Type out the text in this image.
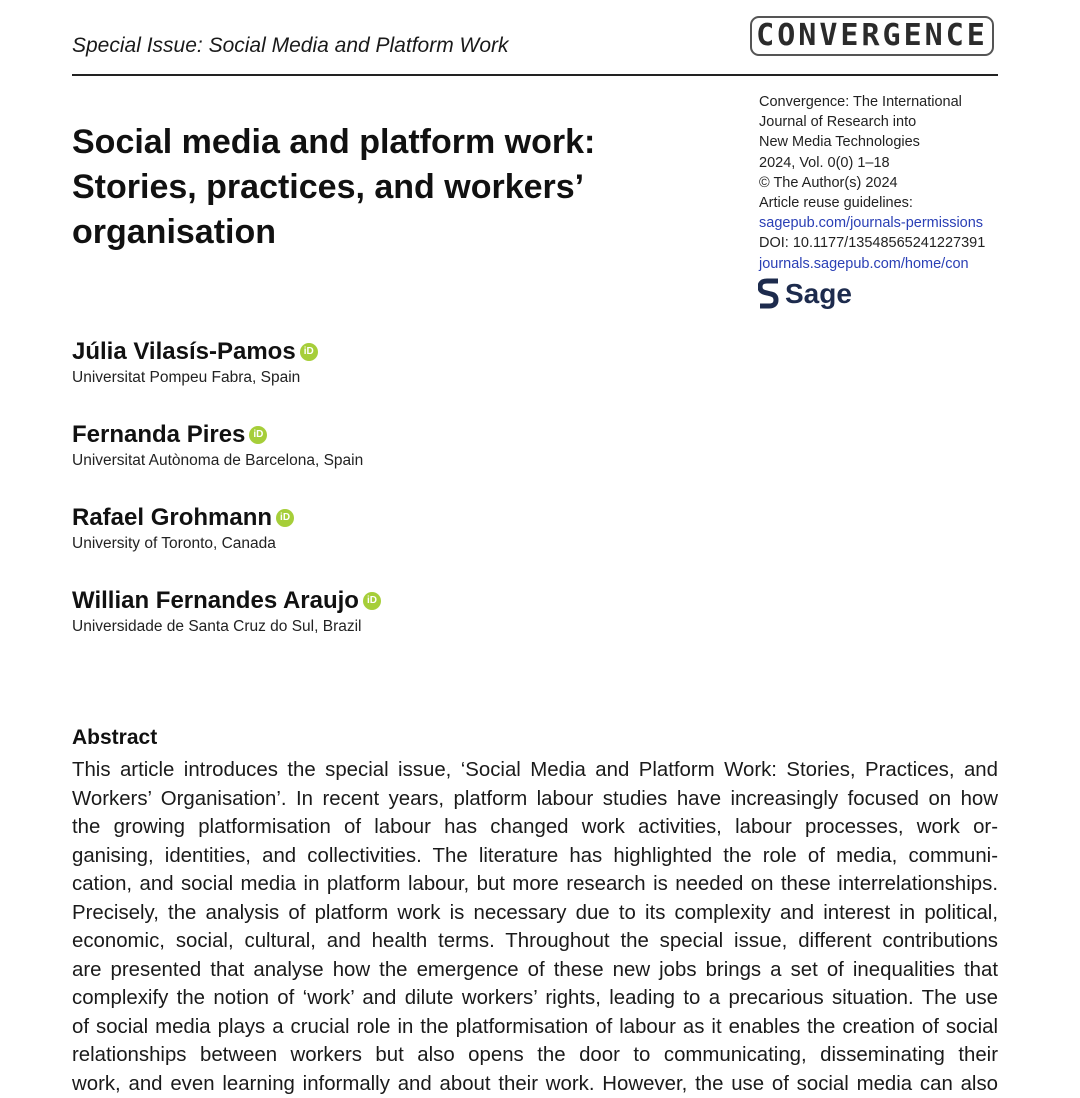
Special Issue: Social Media and Platform Work	CONVERGENCE
Social media and platform work:
Stories, practices, and workers’
organisation
Convergence: The International
Journal of Research into
New Media Technologies
2024, Vol. 0(0) 1–18
© The Author(s) 2024
Article reuse guidelines:
sagepub.com/journals-permissions
DOI: 10.1177/13548565241227391
journals.sagepub.com/home/con
Sage
Júlia Vilasís-Pamos iD
Universitat Pompeu Fabra, Spain
Fernanda Pires iD
Universitat Autònoma de Barcelona, Spain
Rafael Grohmann iD
University of Toronto, Canada
Willian Fernandes Araujo iD
Universidade de Santa Cruz do Sul, Brazil
Abstract
This article introduces the special issue, ‘Social Media and Platform Work: Stories, Practices, and
Workers’ Organisation’. In recent years, platform labour studies have increasingly focused on how
the growing platformisation of labour has changed work activities, labour processes, work or-
ganising, identities, and collectivities. The literature has highlighted the role of media, communi-
cation, and social media in platform labour, but more research is needed on these interrelationships.
Precisely, the analysis of platform work is necessary due to its complexity and interest in political,
economic, social, cultural, and health terms. Throughout the special issue, different contributions
are presented that analyse how the emergence of these new jobs brings a set of inequalities that
complexify the notion of ‘work’ and dilute workers’ rights, leading to a precarious situation. The use
of social media plays a crucial role in the platformisation of labour as it enables the creation of social
relationships between workers but also opens the door to communicating, disseminating their
work, and even learning informally and about their work. However, the use of social media can also
